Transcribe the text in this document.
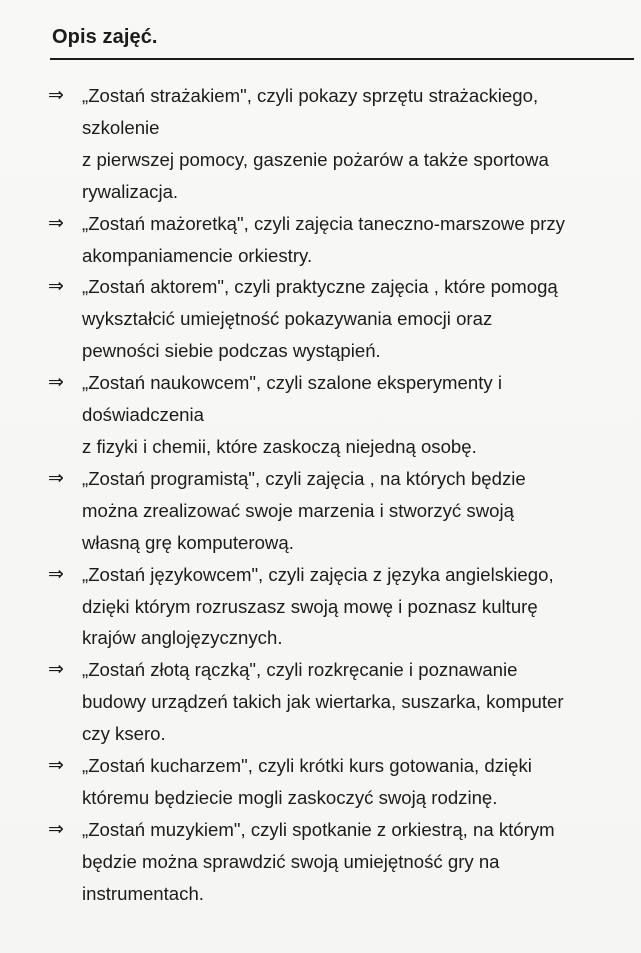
Opis zajęć.
⇒ „Zostań strażakiem", czyli pokazy sprzętu strażackiego,
szkolenie
z pierwszej pomocy, gaszenie pożarów a także sportowa
rywalizacja.
⇒ „Zostań mażoretką", czyli zajęcia taneczno-marszowe przy
akompaniamencie orkiestry.
⇒ „Zostań aktorem", czyli praktyczne zajęcia , które pomogą
wykształcić umiejętność pokazywania emocji oraz
pewności siebie podczas wystąpień.
⇒ „Zostań naukowcem", czyli szalone eksperymenty i
doświadczenia
z fizyki i chemii, które zaskoczą niejedną osobę.
⇒ „Zostań programistą", czyli zajęcia , na których będzie
można zrealizować swoje marzenia i stworzyć swoją
własną grę komputerową.
⇒ „Zostań językowcem", czyli zajęcia z języka angielskiego,
dzięki którym rozruszasz swoją mowę i poznasz kulturę
krajów anglojęzycznych.
⇒ „Zostań złotą rączką", czyli rozkręcanie i poznawanie
budowy urządzeń takich jak wiertarka, suszarka, komputer
czy ksero.
⇒ „Zostań kucharzem", czyli krótki kurs gotowania, dzięki
któremu będziecie mogli zaskoczyć swoją rodzinę.
⇒ „Zostań muzykiem", czyli spotkanie z orkiestrą, na którym
będzie można sprawdzić swoją umiejętność gry na
instrumentach.
